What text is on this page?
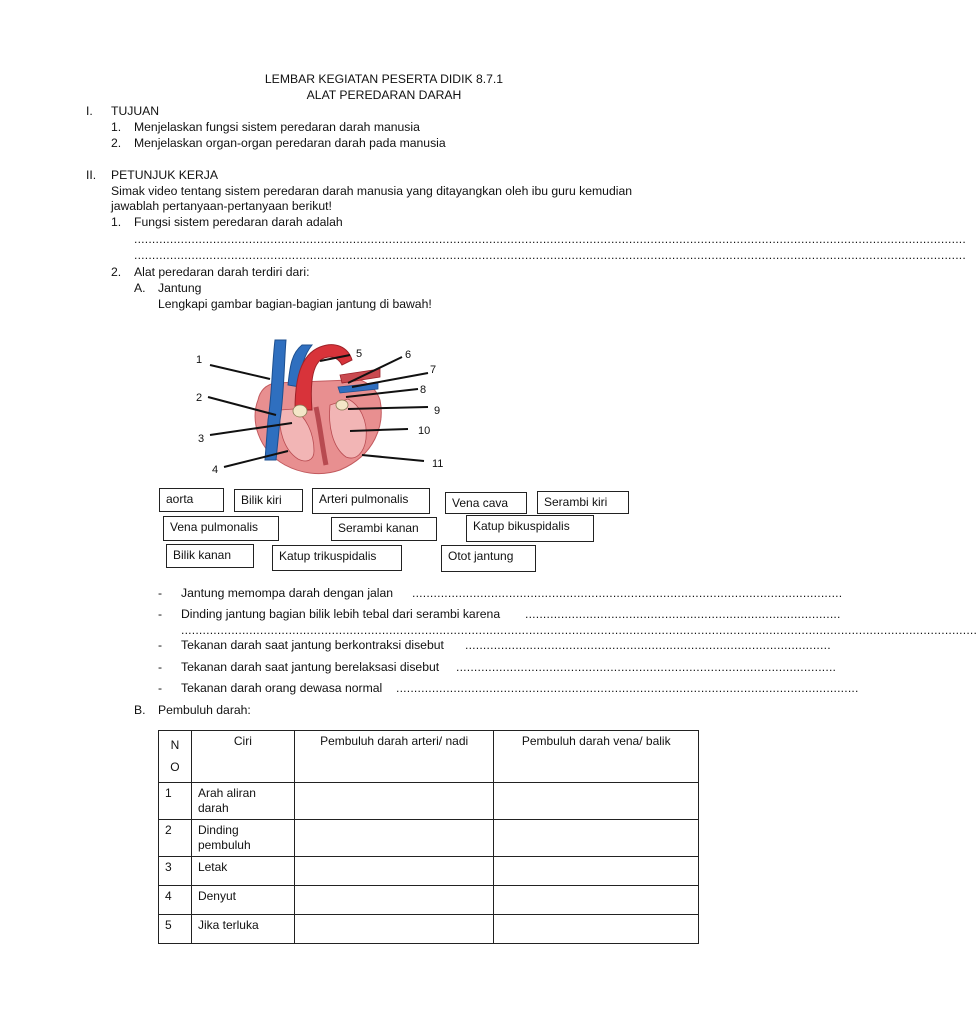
LEMBAR KEGIATAN PESERTA DIDIK 8.7.1
ALAT PEREDARAN DARAH
I. TUJUAN
1. Menjelaskan fungsi sistem peredaran darah manusia
2. Menjelaskan organ-organ peredaran darah pada manusia
II. PETUNJUK KERJA
Simak video tentang sistem peredaran darah manusia yang ditayangkan oleh ibu guru kemudian
jawablah pertanyaan-pertanyaan berikut!
1. Fungsi sistem peredaran darah adalah
........................................................................................................................................................................................................................................
........................................................................................................................................................................................................................................
2. Alat peredaran darah terdiri dari:
A. Jantung
Lengkapi gambar bagian-bagian jantung di bawah!
1
2
3
4
5	6
7
8
9
10
11
aorta	Bilik kiri	Arteri pulmonalis	Vena cava	Serambi kiri
Vena pulmonalis	Serambi kanan	Katup bikuspidalis
Bilik kanan	Katup trikuspidalis	Otot jantung
- Jantung memompa darah dengan jalan ........................................................................................................................
- Dinding jantung bagian bilik lebih tebal dari serambi karena ........................................................................................
..............................................................................................................................................................................................................................
- Tekanan darah saat jantung berkontraksi disebut ......................................................................................................
- Tekanan darah saat jantung berelaksasi disebut ..........................................................................................................
- Tekanan darah orang dewasa normal .................................................................................................................................
B. Pembuluh darah:
N O	Ciri	Pembuluh darah arteri/ nadi	Pembuluh darah vena/ balik
1	Arah aliran darah		
2	Dinding pembuluh		
3	Letak		
4	Denyut		
5	Jika terluka		
